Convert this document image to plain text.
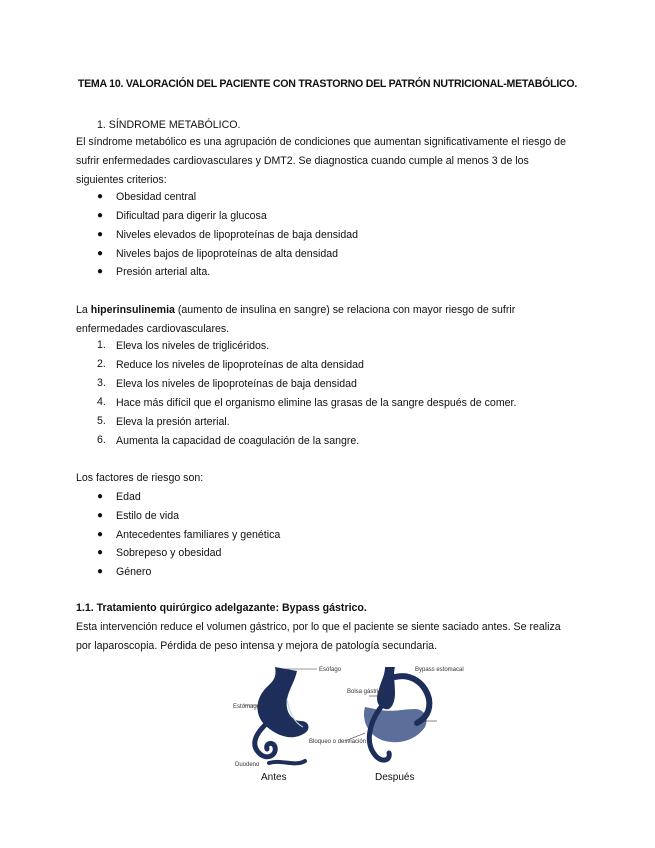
TEMA 10. VALORACIÓN DEL PACIENTE CON TRASTORNO DEL PATRÓN NUTRICIONAL-METABÓLICO.
1. SÍNDROME METABÓLICO.
El síndrome metabólico es una agrupación de condiciones que aumentan significativamente el riesgo de
sufrir enfermedades cardiovasculares y DMT2. Se diagnostica cuando cumple al menos 3 de los
siguientes criterios:
● Obesidad central
● Dificultad para digerir la glucosa
● Niveles elevados de lipoproteínas de baja densidad
● Niveles bajos de lipoproteínas de alta densidad
● Presión arterial alta.
La hiperinsulinemia (aumento de insulina en sangre) se relaciona con mayor riesgo de sufrir
enfermedades cardiovasculares.
1. Eleva los niveles de triglicéridos.
2. Reduce los niveles de lipoproteínas de alta densidad
3. Eleva los niveles de lipoproteínas de baja densidad
4. Hace más difícil que el organismo elimine las grasas de la sangre después de comer.
5. Eleva la presión arterial.
6. Aumenta la capacidad de coagulación de la sangre.
Los factores de riesgo son:
● Edad
● Estilo de vida
● Antecedentes familiares y genética
● Sobrepeso y obesidad
● Género
1.1. Tratamiento quirúrgico adelgazante: Bypass gástrico.
Esta intervención reduce el volumen gástrico, por lo que el paciente se siente saciado antes. Se realiza
por laparoscopia. Pérdida de peso intensa y mejora de patología secundaria.
Estómago
Esófago
Duodeno
Antes
Bolsa gástrica
Bypass estomacal
Bloqueo o desviación
Después
